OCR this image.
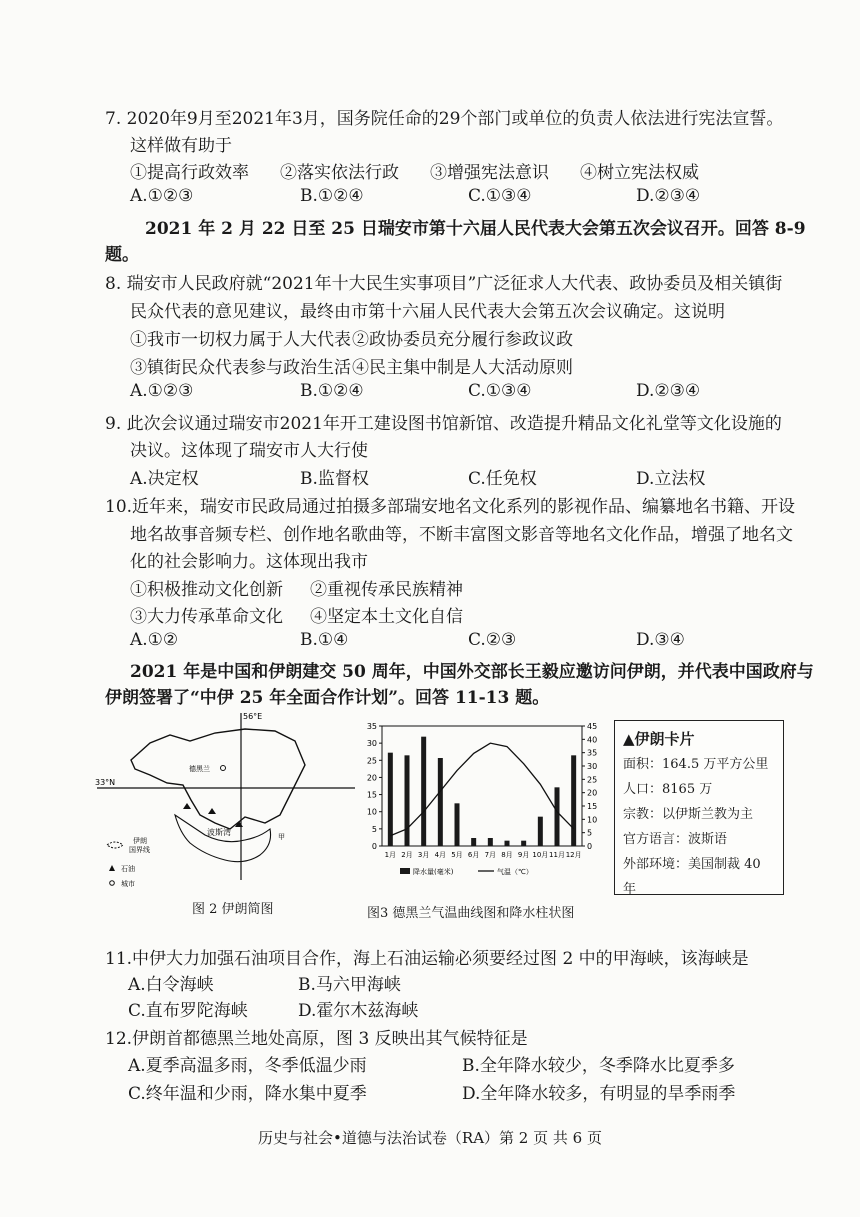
7. 2020年9月至2021年3月，国务院任命的29个部门或单位的负责人依法进行宪法宣誓。
这样做有助于
①提高行政效率 ②落实依法行政 ③增强宪法意识 ④树立宪法权威
A.①②③	B.①②④	C.①③④	D.②③④
2021 年 2 月 22 日至 25 日瑞安市第十六届人民代表大会第五次会议召开。回答 8-9
题。
8. 瑞安市人民政府就“2021年十大民生实事项目”广泛征求人大代表、政协委员及相关镇街
民众代表的意见建议，最终由市第十六届人民代表大会第五次会议确定。这说明
①我市一切权力属于人大代表 ②政协委员充分履行参政议政
③镇街民众代表参与政治生活 ④民主集中制是人大活动原则
A.①②③	B.①②④	C.①③④	D.②③④
9. 此次会议通过瑞安市2021年开工建设图书馆新馆、改造提升精品文化礼堂等文化设施的
决议。这体现了瑞安市人大行使
A.决定权	B.监督权	C.任免权	D.立法权
10.近年来，瑞安市民政局通过拍摄多部瑞安地名文化系列的影视作品、编纂地名书籍、开设
地名故事音频专栏、创作地名歌曲等，不断丰富图文影音等地名文化作品，增强了地名文
化的社会影响力。这体现出我市
①积极推动文化创新 ②重视传承民族精神
③大力传承革命文化 ④坚定本土文化自信
A.①②	B.①④	C.②③	D.③④
2021 年是中国和伊朗建交 50 周年，中国外交部长王毅应邀访问伊朗，并代表中国政府与
伊朗签署了“中伊 25 年全面合作计划”。回答 11-13 题。
56°E
33°N
德黑兰
波斯湾	甲
伊朗
国界线
石油
城市
图 2 伊朗简图
0
5
10
15
20
25
30
35
0
5
10
15
20
25
30
35
40
45
1月 2月 3月 4月 5月 6月 7月 8月 9月 10月 11月 12月
降水量(毫米)	气温（℃）
图3 德黑兰气温曲线图和降水柱状图
▲伊朗卡片
面积：164.5 万平方公里
人口：8165 万
宗教：以伊斯兰教为主
官方语言：波斯语
外部环境：美国制裁 40 年
11.中伊大力加强石油项目合作，海上石油运输必须要经过图 2 中的甲海峡，该海峡是
A.白令海峡	B.马六甲海峡
C.直布罗陀海峡	D.霍尔木兹海峡
12.伊朗首都德黑兰地处高原，图 3 反映出其气候特征是
A.夏季高温多雨，冬季低温少雨	B.全年降水较少，冬季降水比夏季多
C.终年温和少雨，降水集中夏季	D.全年降水较多，有明显的旱季雨季
历史与社会•道德与法治试卷（RA）第 2 页 共 6 页
